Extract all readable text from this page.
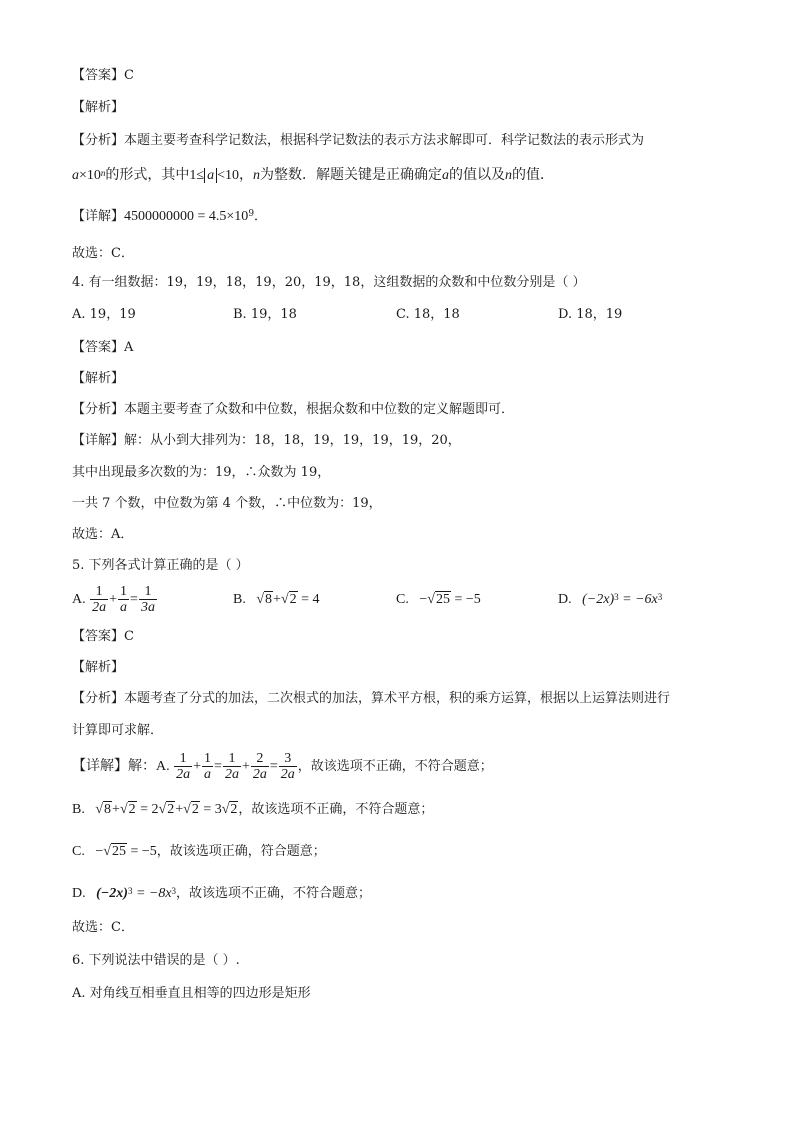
【答案】C
【解析】
【分析】本题主要考查科学记数法，根据科学记数法的表示方法求解即可．科学记数法的表示形式为
$a\times 10^n$的形式，其中1≤ a <10，n为整数．解题关键是正确确定a的值以及n的值．
【详解】$4500000000 = 4.5\times 10^9$．
故选：C．
4. 有一组数据：19，19，18，19，20，19，18，这组数据的众数和中位数分别是（ ）
A. 19，19	B. 19，18	C. 18，18	D. 18，19
【答案】A
【解析】
【分析】本题主要考查了众数和中位数，根据众数和中位数的定义解题即可．
【详解】解：从小到大排列为：18，18，19，19，19，19，20，
其中出现最多次数的为：19，∴众数为 19，
一共 7 个数，中位数为第 4 个数，∴中位数为：19，
故选：A．
5. 下列各式计算正确的是（ ）
A. $\frac{1}{2a} + \frac{1}{a} = \frac{1}{3a}$	B. √8+√2 = 4	C. −√25 = −5	D. $(-2x)^3 = -6x^3$
【答案】C
【解析】
【分析】本题考查了分式的加法，二次根式的加法，算术平方根，积的乘方运算，根据以上运算法则进行
计算即可求解．
【详解】解：A. $\frac{1}{2a} + \frac{1}{a} = \frac{1}{2a} + \frac{2}{2a} = \frac{3}{2a}$ ，故该选项不正确，不符合题意；
B. √8+√2 = 2√2+√2 = 3√2，故该选项不正确，不符合题意；
C. −√25 = −5，故该选项正确，符合题意；
D. $(-2x)^3 = -8x^3$，故该选项不正确，不符合题意；
故选：C．
6. 下列说法中错误的是（ ）.
A. 对角线互相垂直且相等的四边形是矩形
